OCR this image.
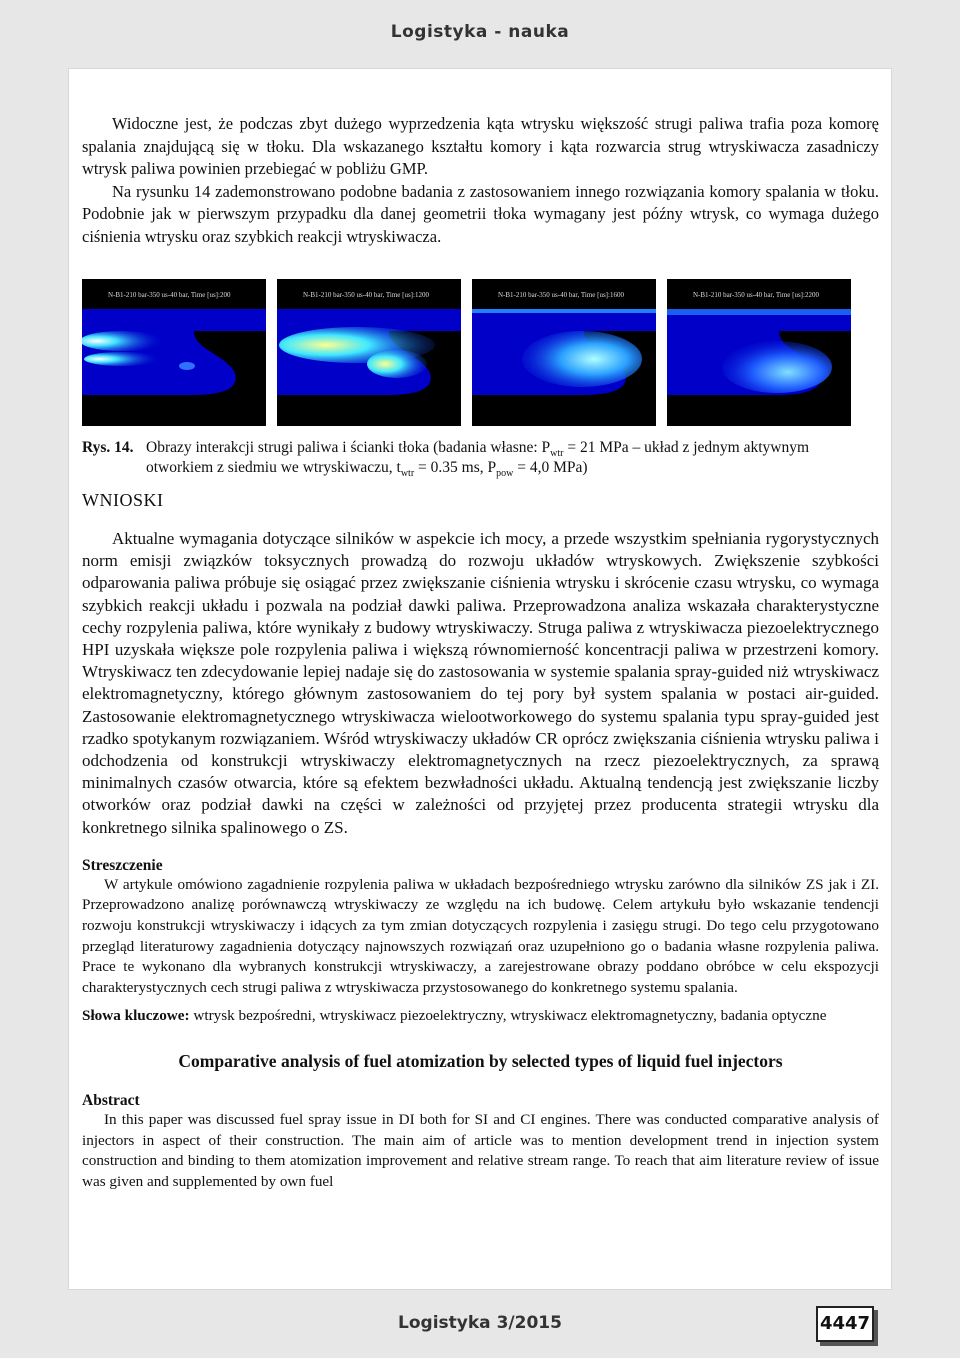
Logistyka - nauka

Widoczne jest, że podczas zbyt dużego wyprzedzenia kąta wtrysku większość strugi paliwa trafia poza komorę spalania znajdującą się w tłoku. Dla wskazanego kształtu komory i kąta rozwarcia strug wtryskiwacza zasadniczy wtrysk paliwa powinien przebiegać w pobliżu GMP.

Na rysunku 14 zademonstrowano podobne badania z zastosowaniem innego rozwiązania komory spalania w tłoku. Podobnie jak w pierwszym przypadku dla danej geometrii tłoka wymagany jest późny wtrysk, co wymaga dużego ciśnienia wtrysku oraz szybkich reakcji wtryskiwacza.

N-B1-210 bar-350 us-40 bar, Time [us]:200	N-B1-210 bar-350 us-40 bar, Time [us]:1200	N-B1-210 bar-350 us-40 bar, Time [us]:1600	N-B1-210 bar-350 us-40 bar, Time [us]:2200
Rys. 14. Obrazy interakcji strugi paliwa i ścianki tłoka (badania własne: $P_{wtr} = 21$ MPa – układ z jednym aktywnym otworkiem z siedmiu we wtryskiwaczu, $t_{wtr} = 0.35$ ms, $P_{pow} = 4,0$ MPa)
WNIOSKI

Aktualne wymagania dotyczące silników w aspekcie ich mocy, a przede wszystkim spełniania rygorystycznych norm emisji związków toksycznych prowadzą do rozwoju układów wtryskowych. Zwiększenie szybkości odparowania paliwa próbuje się osiągać przez zwiększanie ciśnienia wtrysku i skrócenie czasu wtrysku, co wymaga szybkich reakcji układu i pozwala na podział dawki paliwa. Przeprowadzona analiza wskazała charakterystyczne cechy rozpylenia paliwa, które wynikały z budowy wtryskiwaczy. Struga paliwa z wtryskiwacza piezoelektrycznego HPI uzyskała większe pole rozpylenia paliwa i większą równomierność koncentracji paliwa w przestrzeni komory. Wtryskiwacz ten zdecydowanie lepiej nadaje się do zastosowania w systemie spalania spray-guided niż wtryskiwacz elektromagnetyczny, którego głównym zastosowaniem do tej pory był system spalania w postaci air-guided. Zastosowanie elektromagnetycznego wtryskiwacza wielootworkowego do systemu spalania typu spray-guided jest rzadko spotykanym rozwiązaniem. Wśród wtryskiwaczy układów CR oprócz zwiększania ciśnienia wtrysku paliwa i odchodzenia od konstrukcji wtryskiwaczy elektromagnetycznych na rzecz piezoelektrycznych, za sprawą minimalnych czasów otwarcia, które są efektem bezwładności układu. Aktualną tendencją jest zwiększanie liczby otworków oraz podział dawki na części w zależności od przyjętej przez producenta strategii wtrysku dla konkretnego silnika spalinowego o ZS.

Streszczenie

W artykule omówiono zagadnienie rozpylenia paliwa w układach bezpośredniego wtrysku zarówno dla silników ZS jak i ZI. Przeprowadzono analizę porównawczą wtryskiwaczy ze względu na ich budowę. Celem artykułu było wskazanie tendencji rozwoju konstrukcji wtryskiwaczy i idących za tym zmian dotyczących rozpylenia i zasięgu strugi. Do tego celu przygotowano przegląd literaturowy zagadnienia dotyczący najnowszych rozwiązań oraz uzupełniono go o badania własne rozpylenia paliwa. Prace te wykonano dla wybranych konstrukcji wtryskiwaczy, a zarejestrowane obrazy poddano obróbce w celu ekspozycji charakterystycznych cech strugi paliwa z wtryskiwacza przystosowanego do konkretnego systemu spalania.

Słowa kluczowe: wtrysk bezpośredni, wtryskiwacz piezoelektryczny, wtryskiwacz elektromagnetyczny, badania optyczne

Comparative analysis of fuel atomization by selected types of liquid fuel injectors
Abstract

In this paper was discussed fuel spray issue in DI both for SI and CI engines. There was conducted comparative analysis of injectors in aspect of their construction. The main aim of article was to mention development trend in injection system construction and binding to them atomization improvement and relative stream range. To reach that aim literature review of issue was given and supplemented by own fuel

Logistyka 3/2015	4447
